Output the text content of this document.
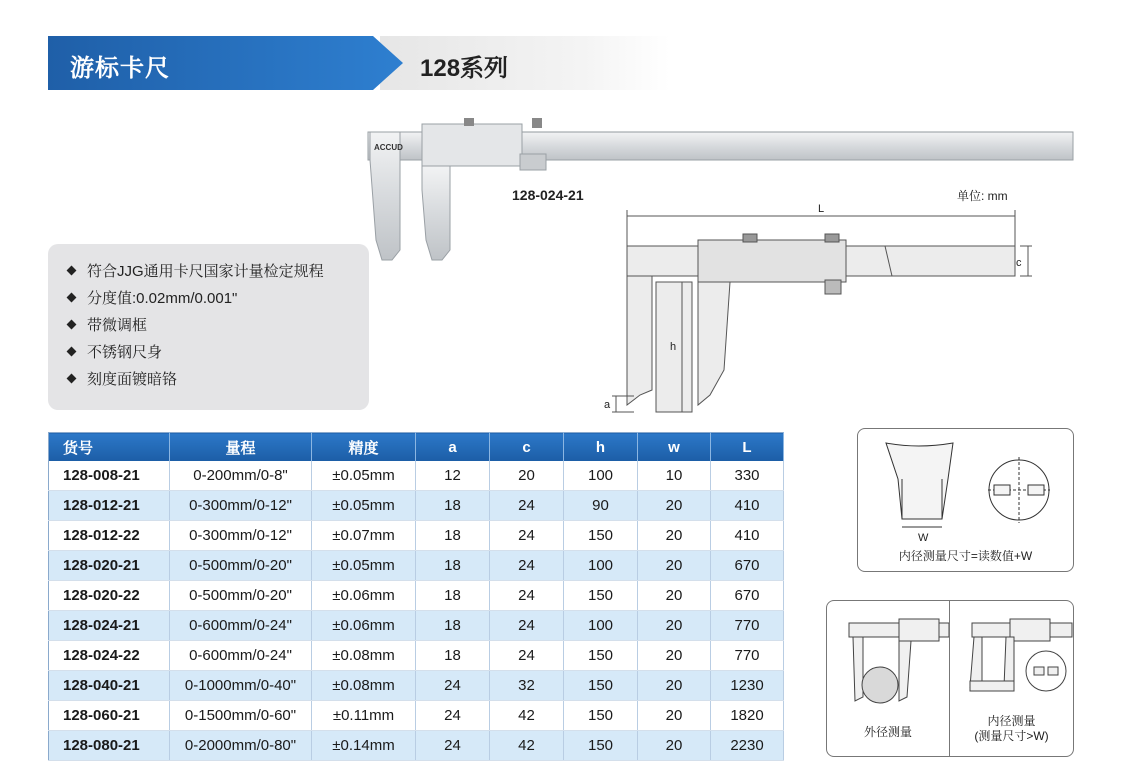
游标卡尺	128系列
ACCUD
128-024-21	单位: mm
L
c
h
a
符合JJG通用卡尺国家计量检定规程
分度值:0.02mm/0.001"
带微调框
不锈钢尺身
刻度面镀暗铬
货号	量程	精度	a	c	h	w	L
128-008-21	0-200mm/0-8"	±0.05mm	12	20	100	10	330
128-012-21	0-300mm/0-12"	±0.05mm	18	24	90	20	410
128-012-22	0-300mm/0-12"	±0.07mm	18	24	150	20	410
128-020-21	0-500mm/0-20"	±0.05mm	18	24	100	20	670
128-020-22	0-500mm/0-20"	±0.06mm	18	24	150	20	670
128-024-21	0-600mm/0-24"	±0.06mm	18	24	100	20	770
128-024-22	0-600mm/0-24"	±0.08mm	18	24	150	20	770
128-040-21	0-1000mm/0-40"	±0.08mm	24	32	150	20	1230
128-060-21	0-1500mm/0-60"	±0.11mm	24	42	150	20	1820
128-080-21	0-2000mm/0-80"	±0.14mm	24	42	150	20	2230
W
内径测量尺寸=读数值+W
外径测量
内径测量
(测量尺寸>W)
